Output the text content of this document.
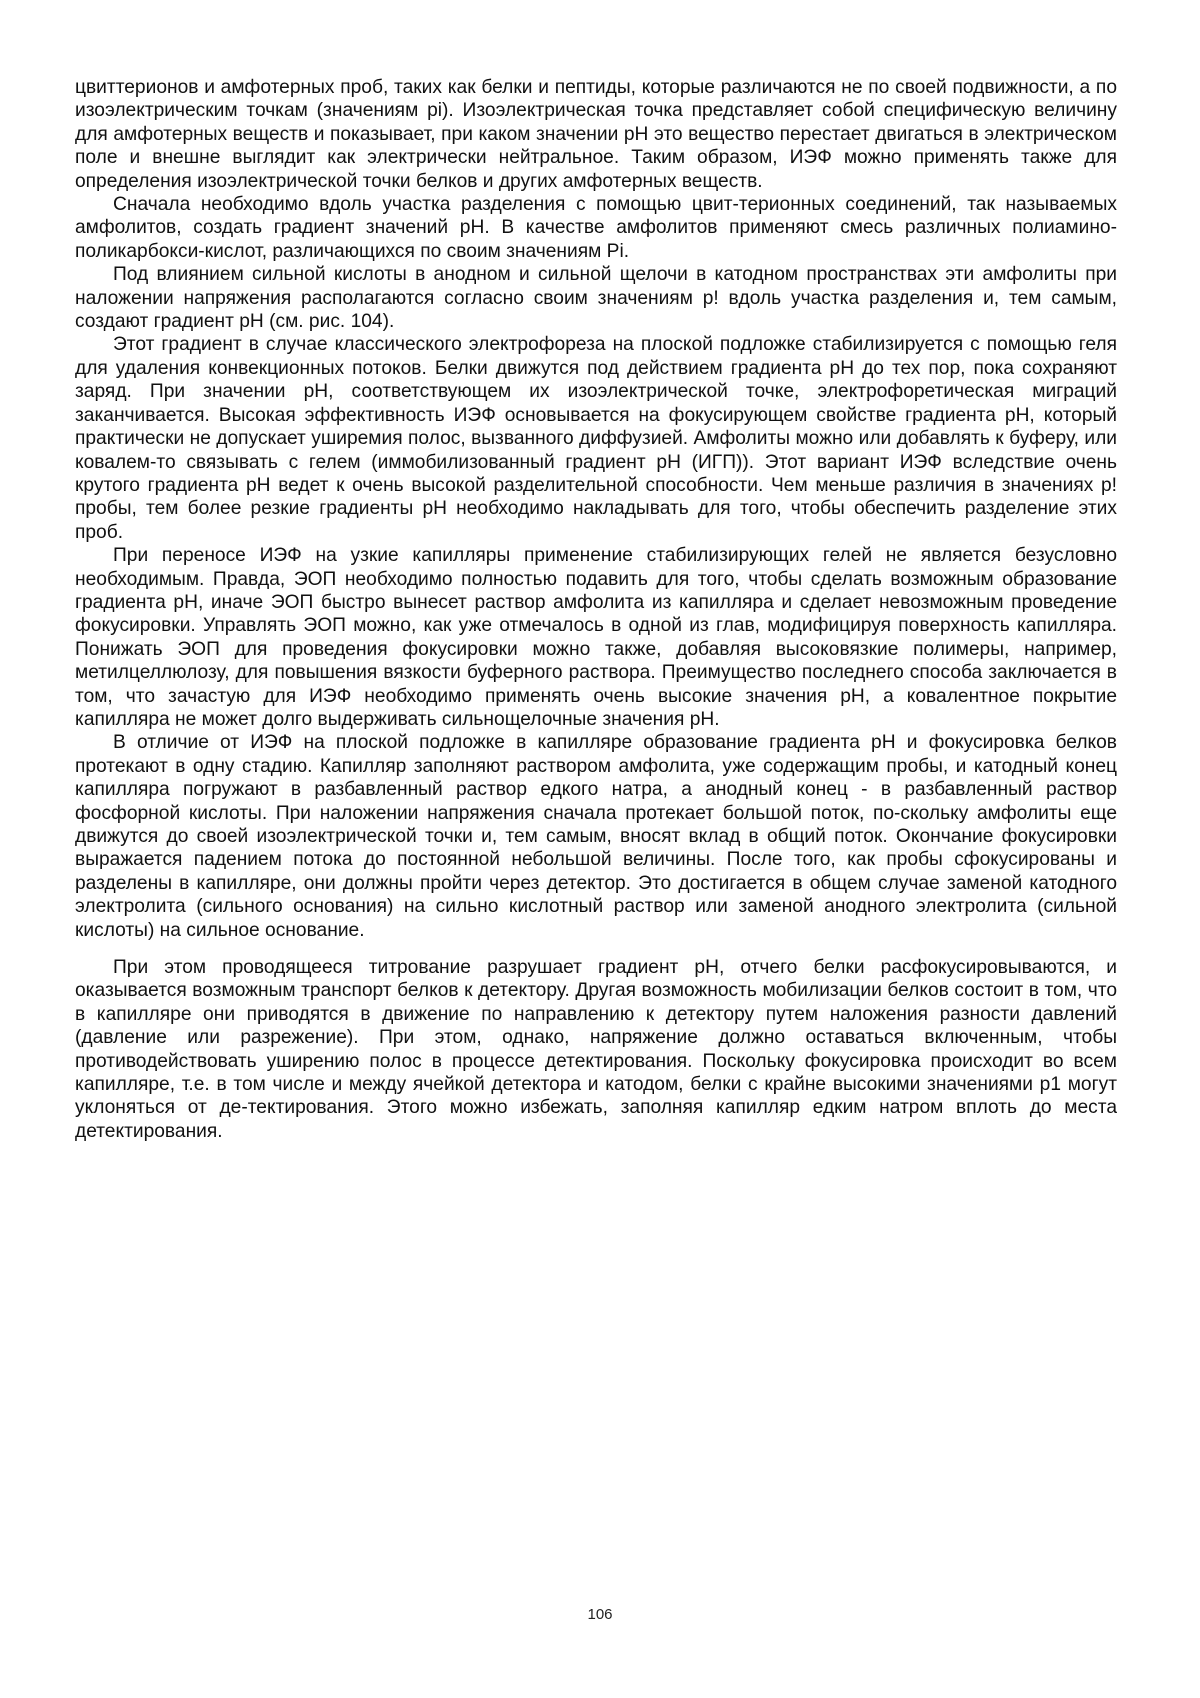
цвиттерионов и амфотерных проб, таких как белки и пептиды, которые различаются не по своей подвижности, а по изоэлектрическим точкам (значениям pi). Изоэлектрическая точка представляет собой специфическую величину для амфотерных веществ и показывает, при каком значении pH это вещество перестает двигаться в электрическом поле и внешне выглядит как электрически нейтральное. Таким образом, ИЭФ можно применять также для определения изоэлектрической точки белков и других амфотерных веществ.

Сначала необходимо вдоль участка разделения с помощью цвит-терионных соединений, так называемых амфолитов, создать градиент значений pH. В качестве амфолитов применяют смесь различных полиамино-поликарбокси-кислот, различающихся по своим значениям Pi.

Под влиянием сильной кислоты в анодном и сильной щелочи в катодном пространствах эти амфолиты при наложении напряжения располагаются согласно своим значениям р! вдоль участка разделения и, тем самым, создают градиент pH (см. рис. 104).

Этот градиент в случае классического электрофореза на плоской подложке стабилизируется с помощью геля для удаления конвекционных потоков. Белки движутся под действием градиента pH до тех пор, пока сохраняют заряд. При значении pH, соответствующем их изоэлектрической точке, электрофоретическая миграций заканчивается. Высокая эффективность ИЭФ основывается на фокусирующем свойстве градиента pH, который практически не допускает уширемия полос, вызванного диффузией. Амфолиты можно или добавлять к буферу, или ковалем-то связывать с гелем (иммобилизованный градиент pH (ИГП)). Этот вариант ИЭФ вследствие очень крутого градиента pH ведет к очень высокой разделительной способности. Чем меньше различия в значениях р! пробы, тем более резкие градиенты pH необходимо накладывать для того, чтобы обеспечить разделение этих проб.

При переносе ИЭФ на узкие капилляры применение стабилизирующих гелей не является безусловно необходимым. Правда, ЭОП необходимо полностью подавить для того, чтобы сделать возможным образование градиента pH, иначе ЭОП быстро вынесет раствор амфолита из капилляра и сделает невозможным проведение фокусировки. Управлять ЭОП можно, как уже отмечалось в одной из глав, модифицируя поверхность капилляра. Понижать ЭОП для проведения фокусировки можно также, добавляя высоковязкие полимеры, например, метилцеллюлозу, для повышения вязкости буферного раствора. Преимущество последнего способа заключается в том, что зачастую для ИЭФ необходимо применять очень высокие значения pH, а ковалентное покрытие капилляра не может долго выдерживать сильнощелочные значения pH.

В отличие от ИЭФ на плоской подложке в капилляре образование градиента pH и фокусировка белков протекают в одну стадию. Капилляр заполняют раствором амфолита, уже содержащим пробы, и катодный конец капилляра погружают в разбавленный раствор едкого натра, а анодный конец - в разбавленный раствор фосфорной кислоты. При наложении напряжения сначала протекает большой поток, по-скольку амфолиты еще движутся до своей изоэлектрической точки и, тем самым, вносят вклад в общий поток. Окончание фокусировки выражается падением потока до постоянной небольшой величины. После того, как пробы сфокусированы и разделены в капилляре, они должны пройти через детектор. Это достигается в общем случае заменой катодного электролита (сильного основания) на сильно кислотный раствор или заменой анодного электролита (сильной кислоты) на сильное основание.

При этом проводящееся титрование разрушает градиент pH, отчего белки расфокусировываются, и оказывается возможным транспорт белков к детектору. Другая возможность мобилизации белков состоит в том, что в капилляре они приводятся в движение по направлению к детектору путем наложения разности давлений (давление или разрежение). При этом, однако, напряжение должно оставаться включенным, чтобы противодействовать уширению полос в процессе детектирования. Поскольку фокусировка происходит во всем капилляре, т.е. в том числе и между ячейкой детектора и катодом, белки с крайне высокими значениями р1 могут уклоняться от де-тектирования. Этого можно избежать, заполняя капилляр едким натром вплоть до места детектирования.

106
